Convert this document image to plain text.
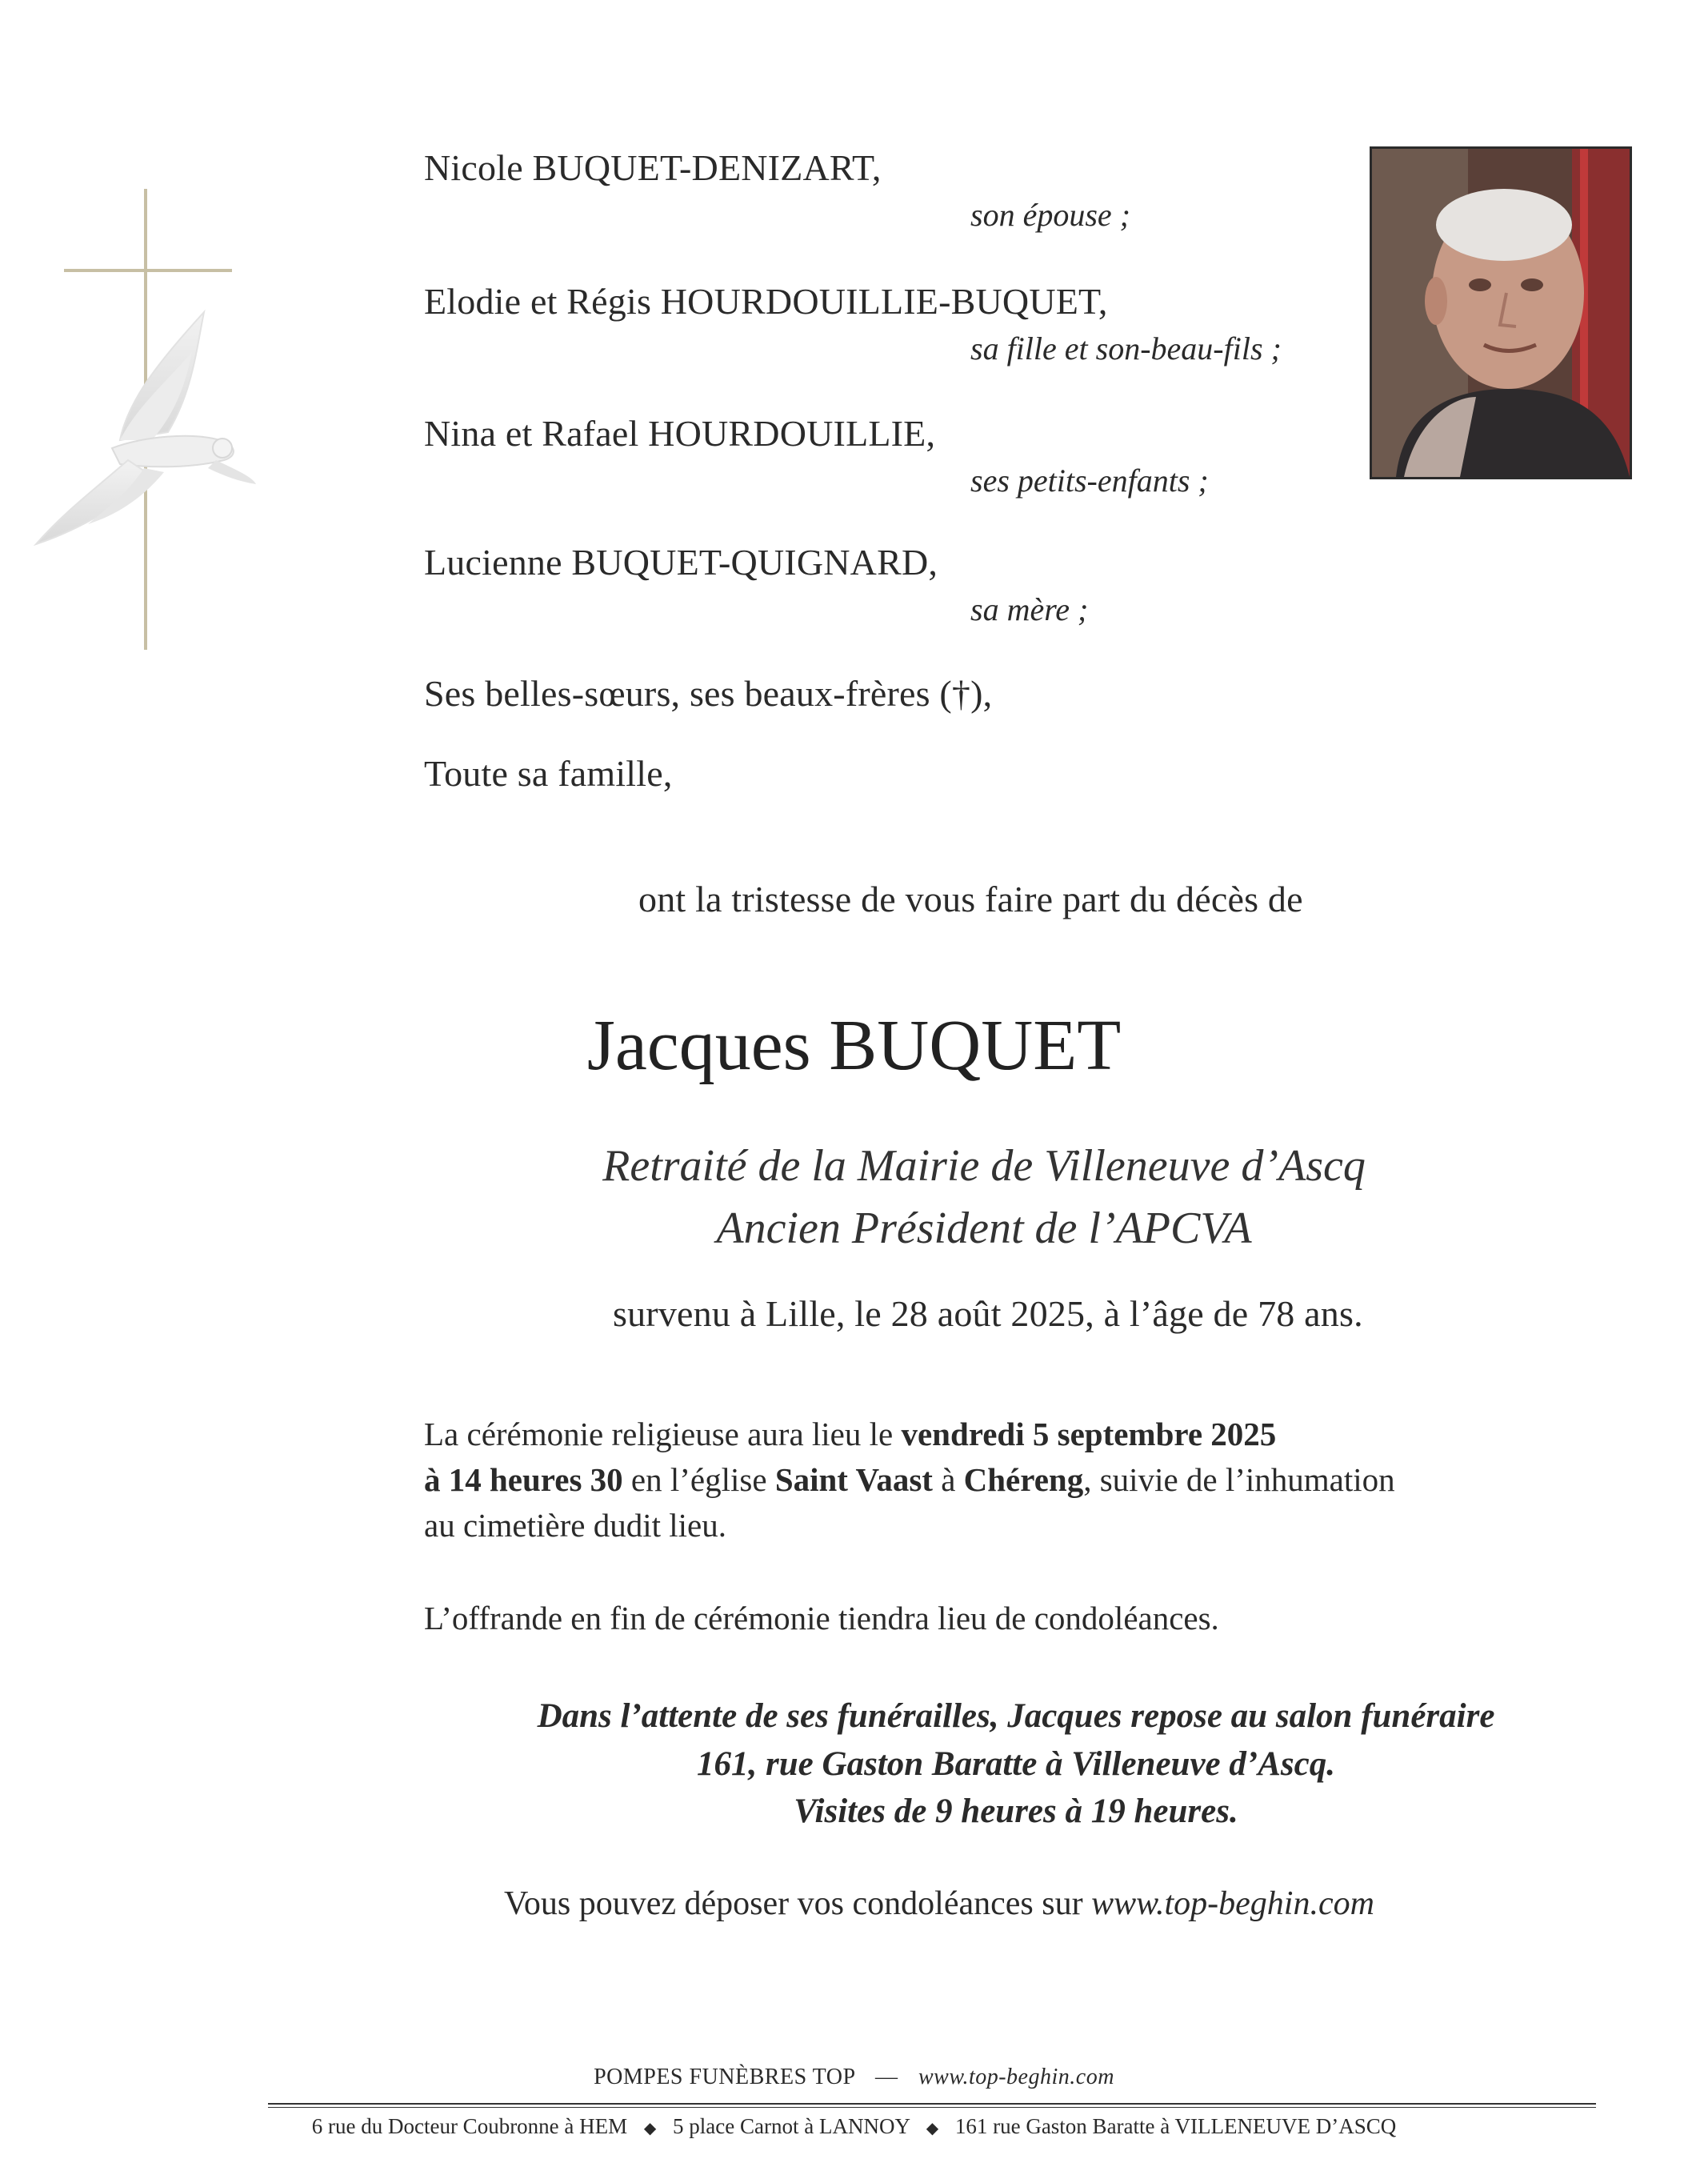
Nicole BUQUET-DENIZART,
son épouse ;
Elodie et Régis HOURDOUILLIE-BUQUET,
sa fille et son-beau-fils ;
Nina et Rafael HOURDOUILLIE,
ses petits-enfants ;
Lucienne BUQUET-QUIGNARD,
sa mère ;
Ses belles-sœurs, ses beaux-frères (†),
Toute sa famille,
ont la tristesse de vous faire part du décès de
Jacques BUQUET
Retraité de la Mairie de Villeneuve d’Ascq
Ancien Président de l’APCVA
survenu à Lille, le 28 août 2025, à l’âge de 78 ans.
La cérémonie religieuse aura lieu le vendredi 5 septembre 2025
à 14 heures 30 en l’église Saint Vaast à Chéreng, suivie de l’inhumation
au cimetière dudit lieu.
L’offrande en fin de cérémonie tiendra lieu de condoléances.
Dans l’attente de ses funérailles, Jacques repose au salon funéraire
161, rue Gaston Baratte à Villeneuve d’Ascq.
Visites de 9 heures à 19 heures.
Vous pouvez déposer vos condoléances sur www.top-beghin.com
POMPES FUNÈBRES TOP — www.top-beghin.com
6 rue du Docteur Coubronne à HEM ◆ 5 place Carnot à LANNOY ◆ 161 rue Gaston Baratte à VILLENEUVE D’ASCQ
